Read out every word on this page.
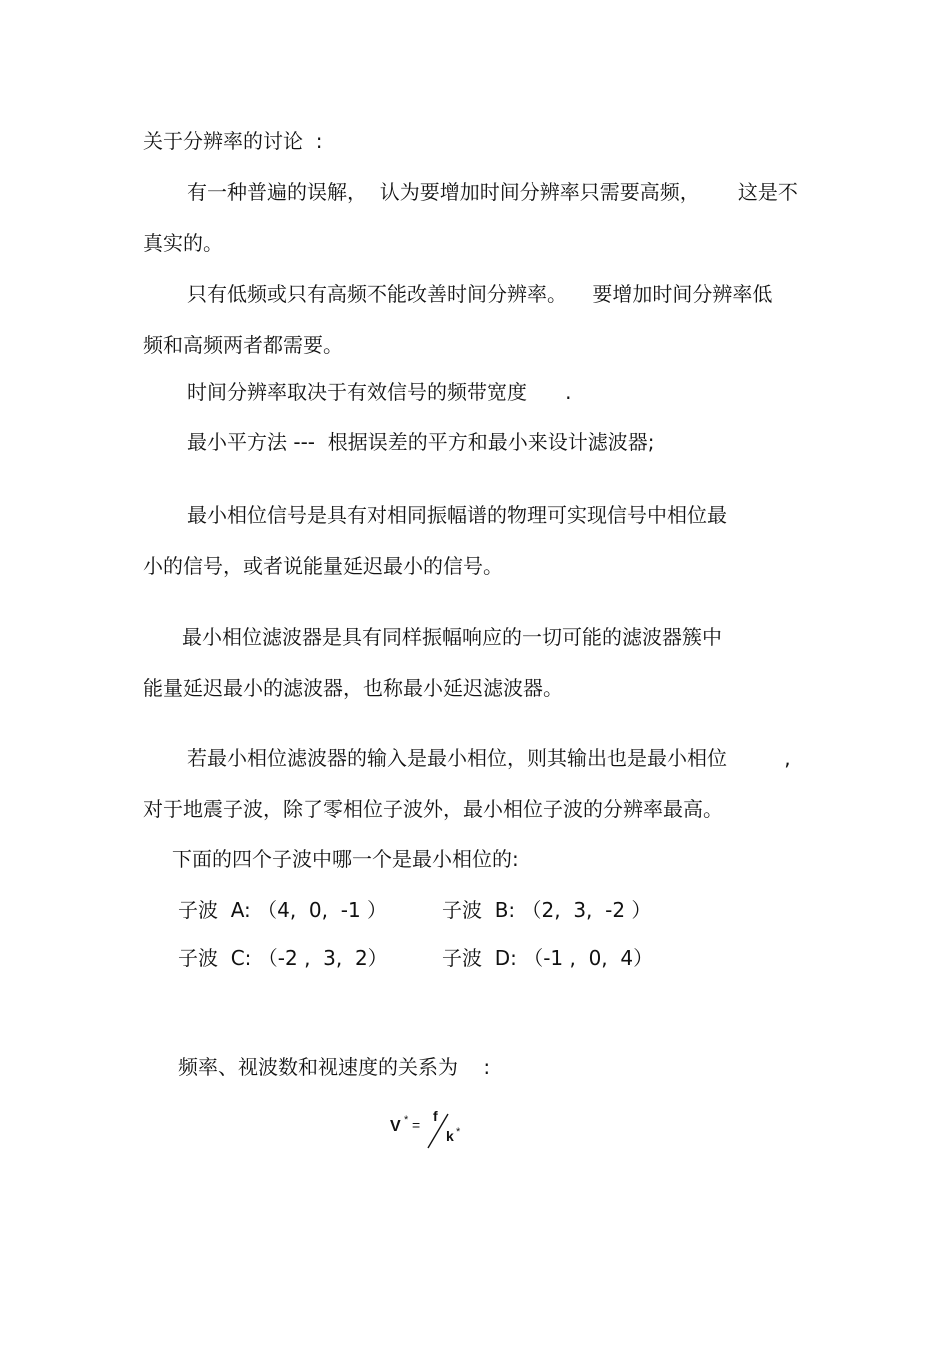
关于分辨率的讨论  :
有一种普遍的误解，  认为要增加时间分辨率只需要高频，      这是不
真实的。
只有低频或只有高频不能改善时间分辨率。    要增加时间分辨率低
频和高频两者都需要。
时间分辨率取决于有效信号的频带宽度      .
最小平方法 ---  根据误差的平方和最小来设计滤波器;
最小相位信号是具有对相同振幅谱的物理可实现信号中相位最
小的信号，或者说能量延迟最小的信号。
最小相位滤波器是具有同样振幅响应的一切可能的滤波器簇中
能量延迟最小的滤波器，也称最小延迟滤波器。
若最小相位滤波器的输入是最小相位，则其输出也是最小相位         ,
对于地震子波，除了零相位子波外，最小相位子波的分辨率最高。
下面的四个子波中哪一个是最小相位的:
子波  A: （4,  0,  -1 ）	子波  B: （2,  3,  -2 ）
子波  C: （-2 ,  3,  2）	子波  D: （-1 ,  0,  4）
频率、视波数和视速度的关系为    :
V * =
f
k *
